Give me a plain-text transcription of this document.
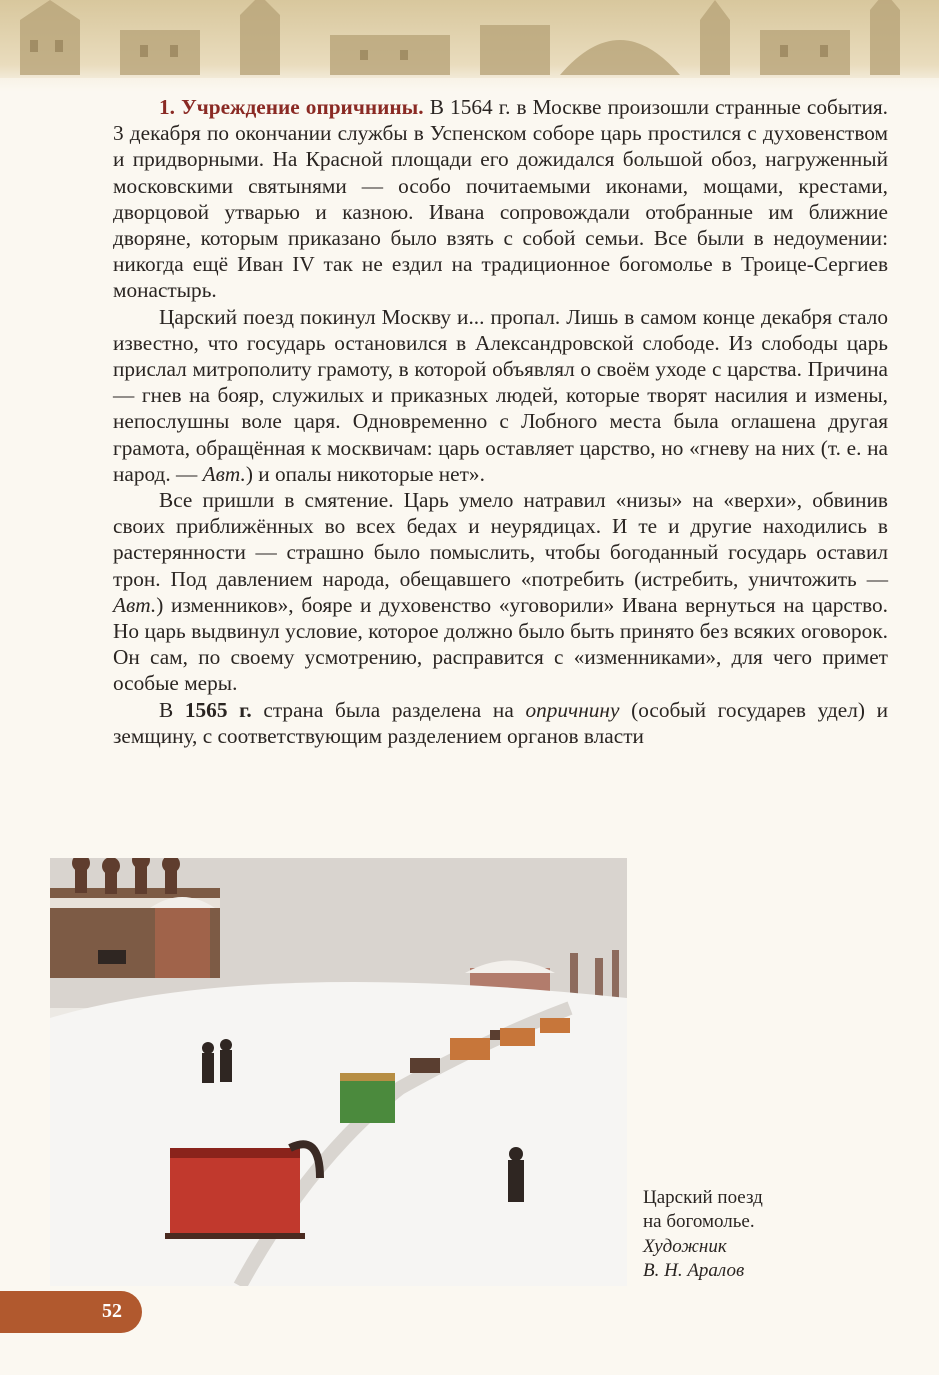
1. Учреждение опричнины. В 1564 г. в Москве произошли странные события. 3 декабря по окончании службы в Успенском соборе царь простился с духовенством и придворными. На Красной площади его дожидался большой обоз, нагруженный московскими святынями — особо почитаемыми иконами, мощами, крестами, дворцовой утварью и казною. Ивана сопровождали отобранные им ближние дворяне, которым приказано было взять с собой семьи. Все были в недоумении: никогда ещё Иван IV так не ездил на традиционное богомолье в Троице-Сергиев монастырь.

Царский поезд покинул Москву и... пропал. Лишь в самом конце декабря стало известно, что государь остановился в Александровской слободе. Из слободы царь прислал митрополиту грамоту, в которой объявлял о своём уходе с царства. Причина — гнев на бояр, служилых и приказных людей, которые творят насилия и измены, непослушны воле царя. Одновременно с Лобного места была оглашена другая грамота, обращённая к москвичам: царь оставляет царство, но «гневу на них (т. е. на народ. — Авт.) и опалы никоторые нет».

Все пришли в смятение. Царь умело натравил «низы» на «верхи», обвинив своих приближённых во всех бедах и неурядицах. И те и другие находились в растерянности — страшно было помыслить, чтобы богоданный государь оставил трон. Под давлением народа, обещавшего «потребить (истребить, уничтожить — Авт.) изменников», бояре и духовенство «уговорили» Ивана вернуться на царство. Но царь выдвинул условие, которое должно было быть принято без всяких оговорок. Он сам, по своему усмотрению, расправится с «изменниками», для чего примет особые меры.

В 1565 г. страна была разделена на опричнину (особый государев удел) и земщину, с соответствующим разделением органов власти

Царский поезд
на богомолье.
Художник
В. Н. Аралов
52
